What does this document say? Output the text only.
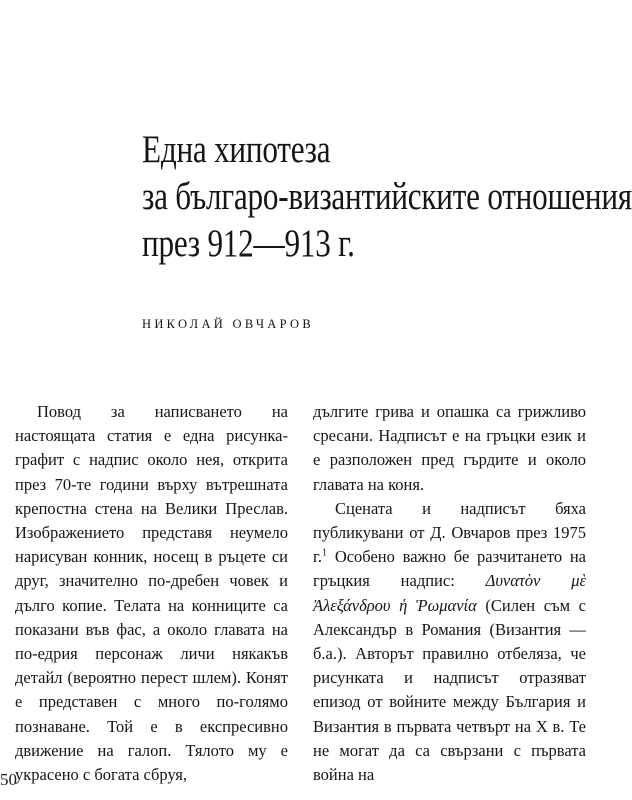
Една хипотеза
за българо-византийските отношения
през 912—913 г.
НИКОЛАЙ ОВЧАРОВ

Повод за написването на настоящата статия е една рисунка-графит с надпис около нея, открита през 70-те години върху вътрешната крепостна стена на Велики Преслав. Изображението представя неумело нарисуван конник, носещ в ръцете си друг, значително по-дребен човек и дълго копие. Телата на конниците са показани във фас, а около главата на по-едрия персонаж личи някакъв детайл (вероятно перест шлем). Конят е представен с много по-голямо познаване. Той е в експресивно движение на галоп. Тялото му е украсено с богата сбруя,

дългите грива и опашка са грижливо сресани. Надписът е на гръцки език и е разположен пред гърдите и около главата на коня.

Сцената и надписът бяха публикувани от Д. Овчаров през 1975 г.$^1$ Особено важно бе разчитането на гръцкия надпис: Δυνατὸν μὲ Ἀλεξάνδρου ἡ Ῥωμανία (Силен съм с Александър в Романия (Византия — б.а.). Авторът правилно отбеляза, че рисунката и надписът отразяват епизод от войните между България и Византия в първата четвърт на X в. Те не могат да са свързани с първата война на

50
